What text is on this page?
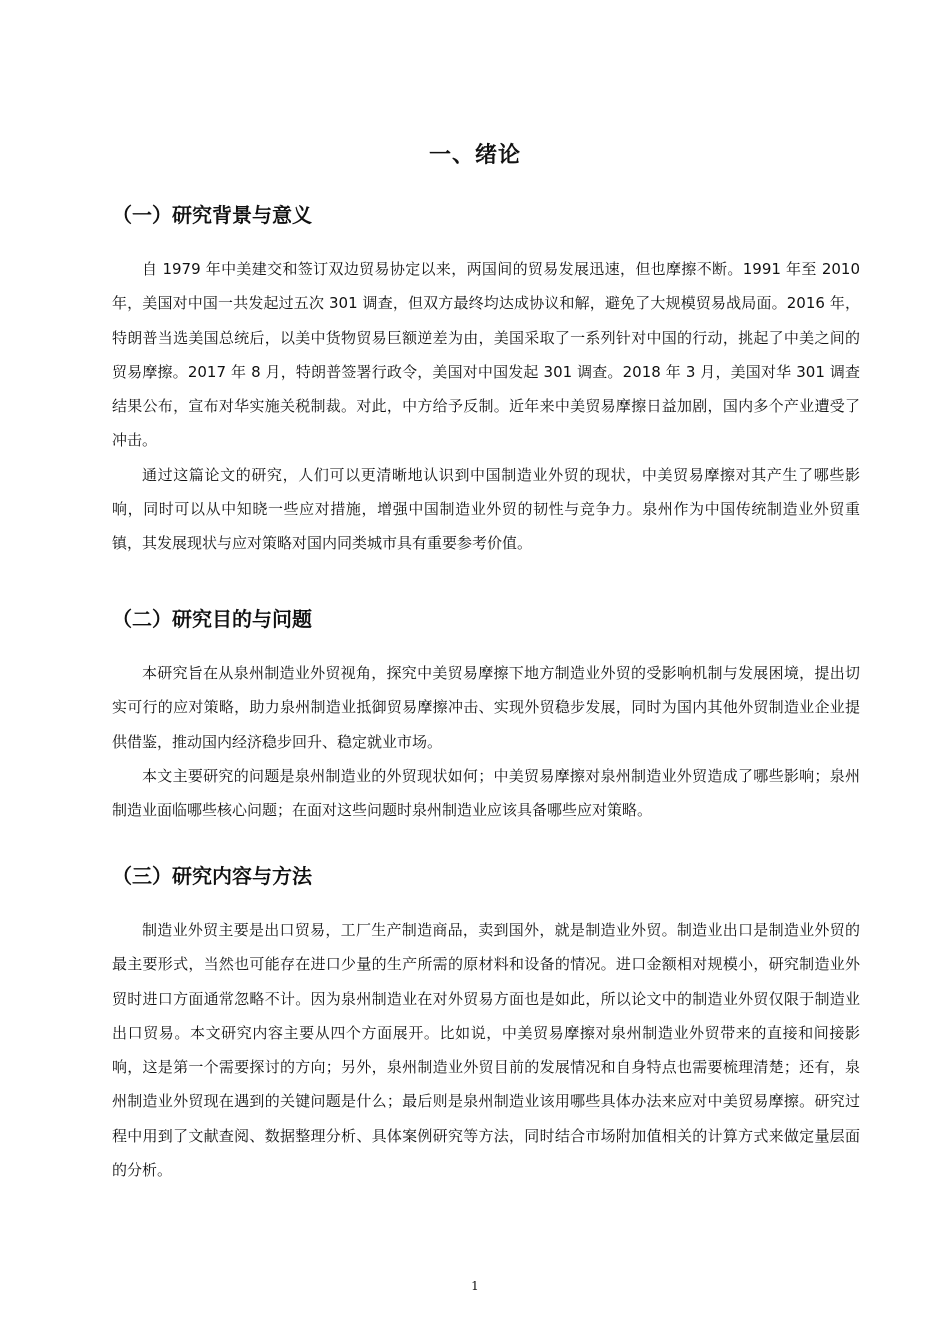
一、绪论
（一）研究背景与意义

自 1979 年中美建交和签订双边贸易协定以来，两国间的贸易发展迅速，但也摩擦不断。1991 年至 2010 年，美国对中国一共发起过五次 301 调查，但双方最终均达成协议和解，避免了大规模贸易战局面。2016 年，特朗普当选美国总统后，以美中货物贸易巨额逆差为由，美国采取了一系列针对中国的行动，挑起了中美之间的贸易摩擦。2017 年 8 月，特朗普签署行政令，美国对中国发起 301 调查。2018 年 3 月，美国对华 301 调查结果公布，宣布对华实施关税制裁。对此，中方给予反制。近年来中美贸易摩擦日益加剧，国内多个产业遭受了冲击。

通过这篇论文的研究，人们可以更清晰地认识到中国制造业外贸的现状，中美贸易摩擦对其产生了哪些影响，同时可以从中知晓一些应对措施，增强中国制造业外贸的韧性与竞争力。泉州作为中国传统制造业外贸重镇，其发展现状与应对策略对国内同类城市具有重要参考价值。

（二）研究目的与问题

本研究旨在从泉州制造业外贸视角，探究中美贸易摩擦下地方制造业外贸的受影响机制与发展困境，提出切实可行的应对策略，助力泉州制造业抵御贸易摩擦冲击、实现外贸稳步发展，同时为国内其他外贸制造业企业提供借鉴，推动国内经济稳步回升、稳定就业市场。

本文主要研究的问题是泉州制造业的外贸现状如何；中美贸易摩擦对泉州制造业外贸造成了哪些影响；泉州制造业面临哪些核心问题；在面对这些问题时泉州制造业应该具备哪些应对策略。

（三）研究内容与方法

制造业外贸主要是出口贸易，工厂生产制造商品，卖到国外，就是制造业外贸。制造业出口是制造业外贸的最主要形式，当然也可能存在进口少量的生产所需的原材料和设备的情况。进口金额相对规模小，研究制造业外贸时进口方面通常忽略不计。因为泉州制造业在对外贸易方面也是如此，所以论文中的制造业外贸仅限于制造业出口贸易。本文研究内容主要从四个方面展开。比如说，中美贸易摩擦对泉州制造业外贸带来的直接和间接影响，这是第一个需要探讨的方向；另外，泉州制造业外贸目前的发展情况和自身特点也需要梳理清楚；还有，泉州制造业外贸现在遇到的关键问题是什么；最后则是泉州制造业该用哪些具体办法来应对中美贸易摩擦。研究过程中用到了文献查阅、数据整理分析、具体案例研究等方法，同时结合市场附加值相关的计算方式来做定量层面的分析。

1
